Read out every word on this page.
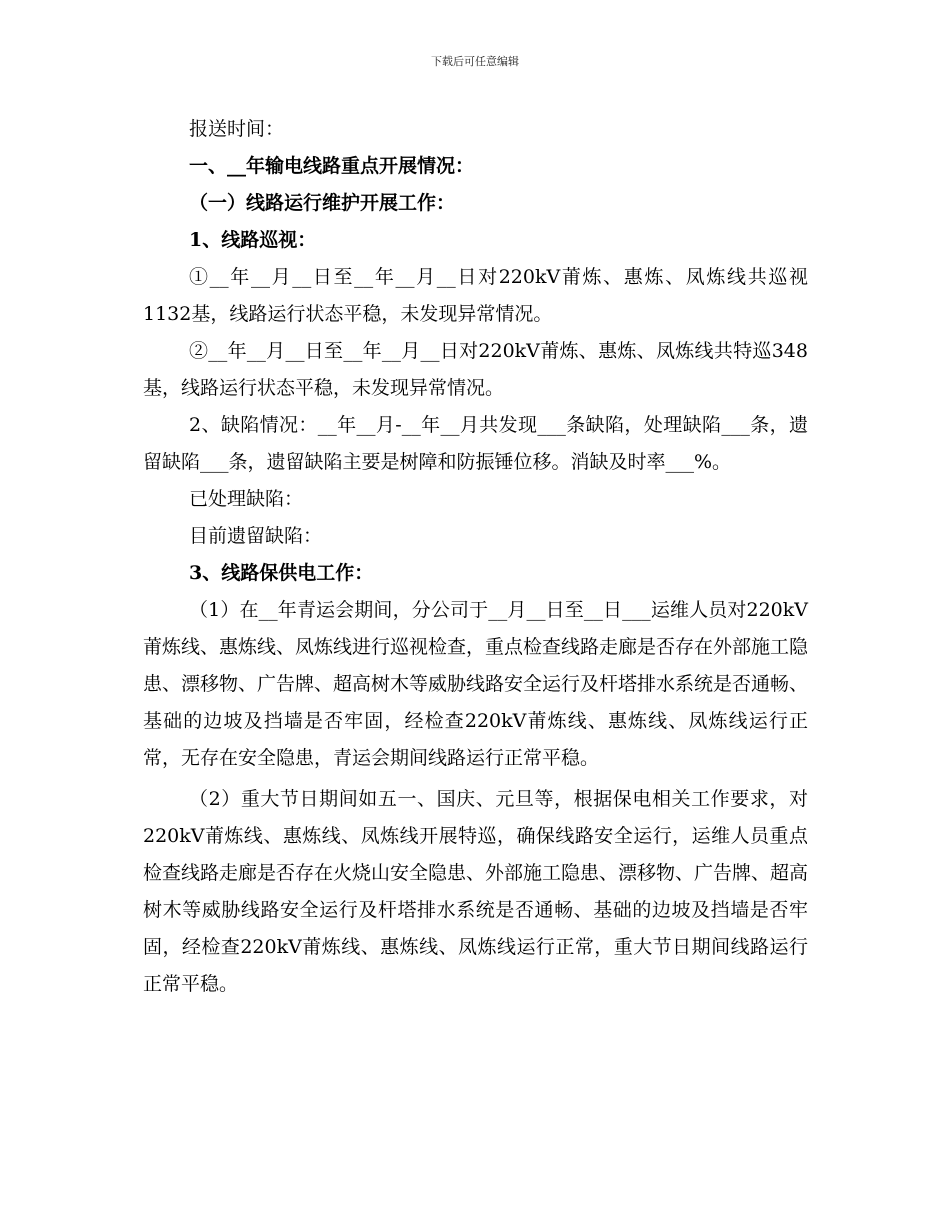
下载后可任意编辑

报送时间：

一、__年输电线路重点开展情况：

（一）线路运行维护开展工作：

1、线路巡视：

①__年__月__日至__年__月__日对220kV莆炼、惠炼、凤炼线共巡视1132基，线路运行状态平稳，未发现异常情况。

②__年__月__日至__年__月__日对220kV莆炼、惠炼、凤炼线共特巡348基，线路运行状态平稳，未发现异常情况。

2、缺陷情况：__年__月-__年__月共发现___条缺陷，处理缺陷___条，遗留缺陷___条，遗留缺陷主要是树障和防振锤位移。消缺及时率___%。

已处理缺陷：

目前遗留缺陷：

3、线路保供电工作：

（1）在__年青运会期间，分公司于__月__日至__日___运维人员对220kV莆炼线、惠炼线、凤炼线进行巡视检查，重点检查线路走廊是否存在外部施工隐患、漂移物、广告牌、超高树木等威胁线路安全运行及杆塔排水系统是否通畅、基础的边坡及挡墙是否牢固，经检查220kV莆炼线、惠炼线、凤炼线运行正常，无存在安全隐患，青运会期间线路运行正常平稳。

（2）重大节日期间如五一、国庆、元旦等，根据保电相关工作要求，对220kV莆炼线、惠炼线、凤炼线开展特巡，确保线路安全运行，运维人员重点检查线路走廊是否存在火烧山安全隐患、外部施工隐患、漂移物、广告牌、超高树木等威胁线路安全运行及杆塔排水系统是否通畅、基础的边坡及挡墙是否牢固，经检查220kV莆炼线、惠炼线、凤炼线运行正常，重大节日期间线路运行正常平稳。
